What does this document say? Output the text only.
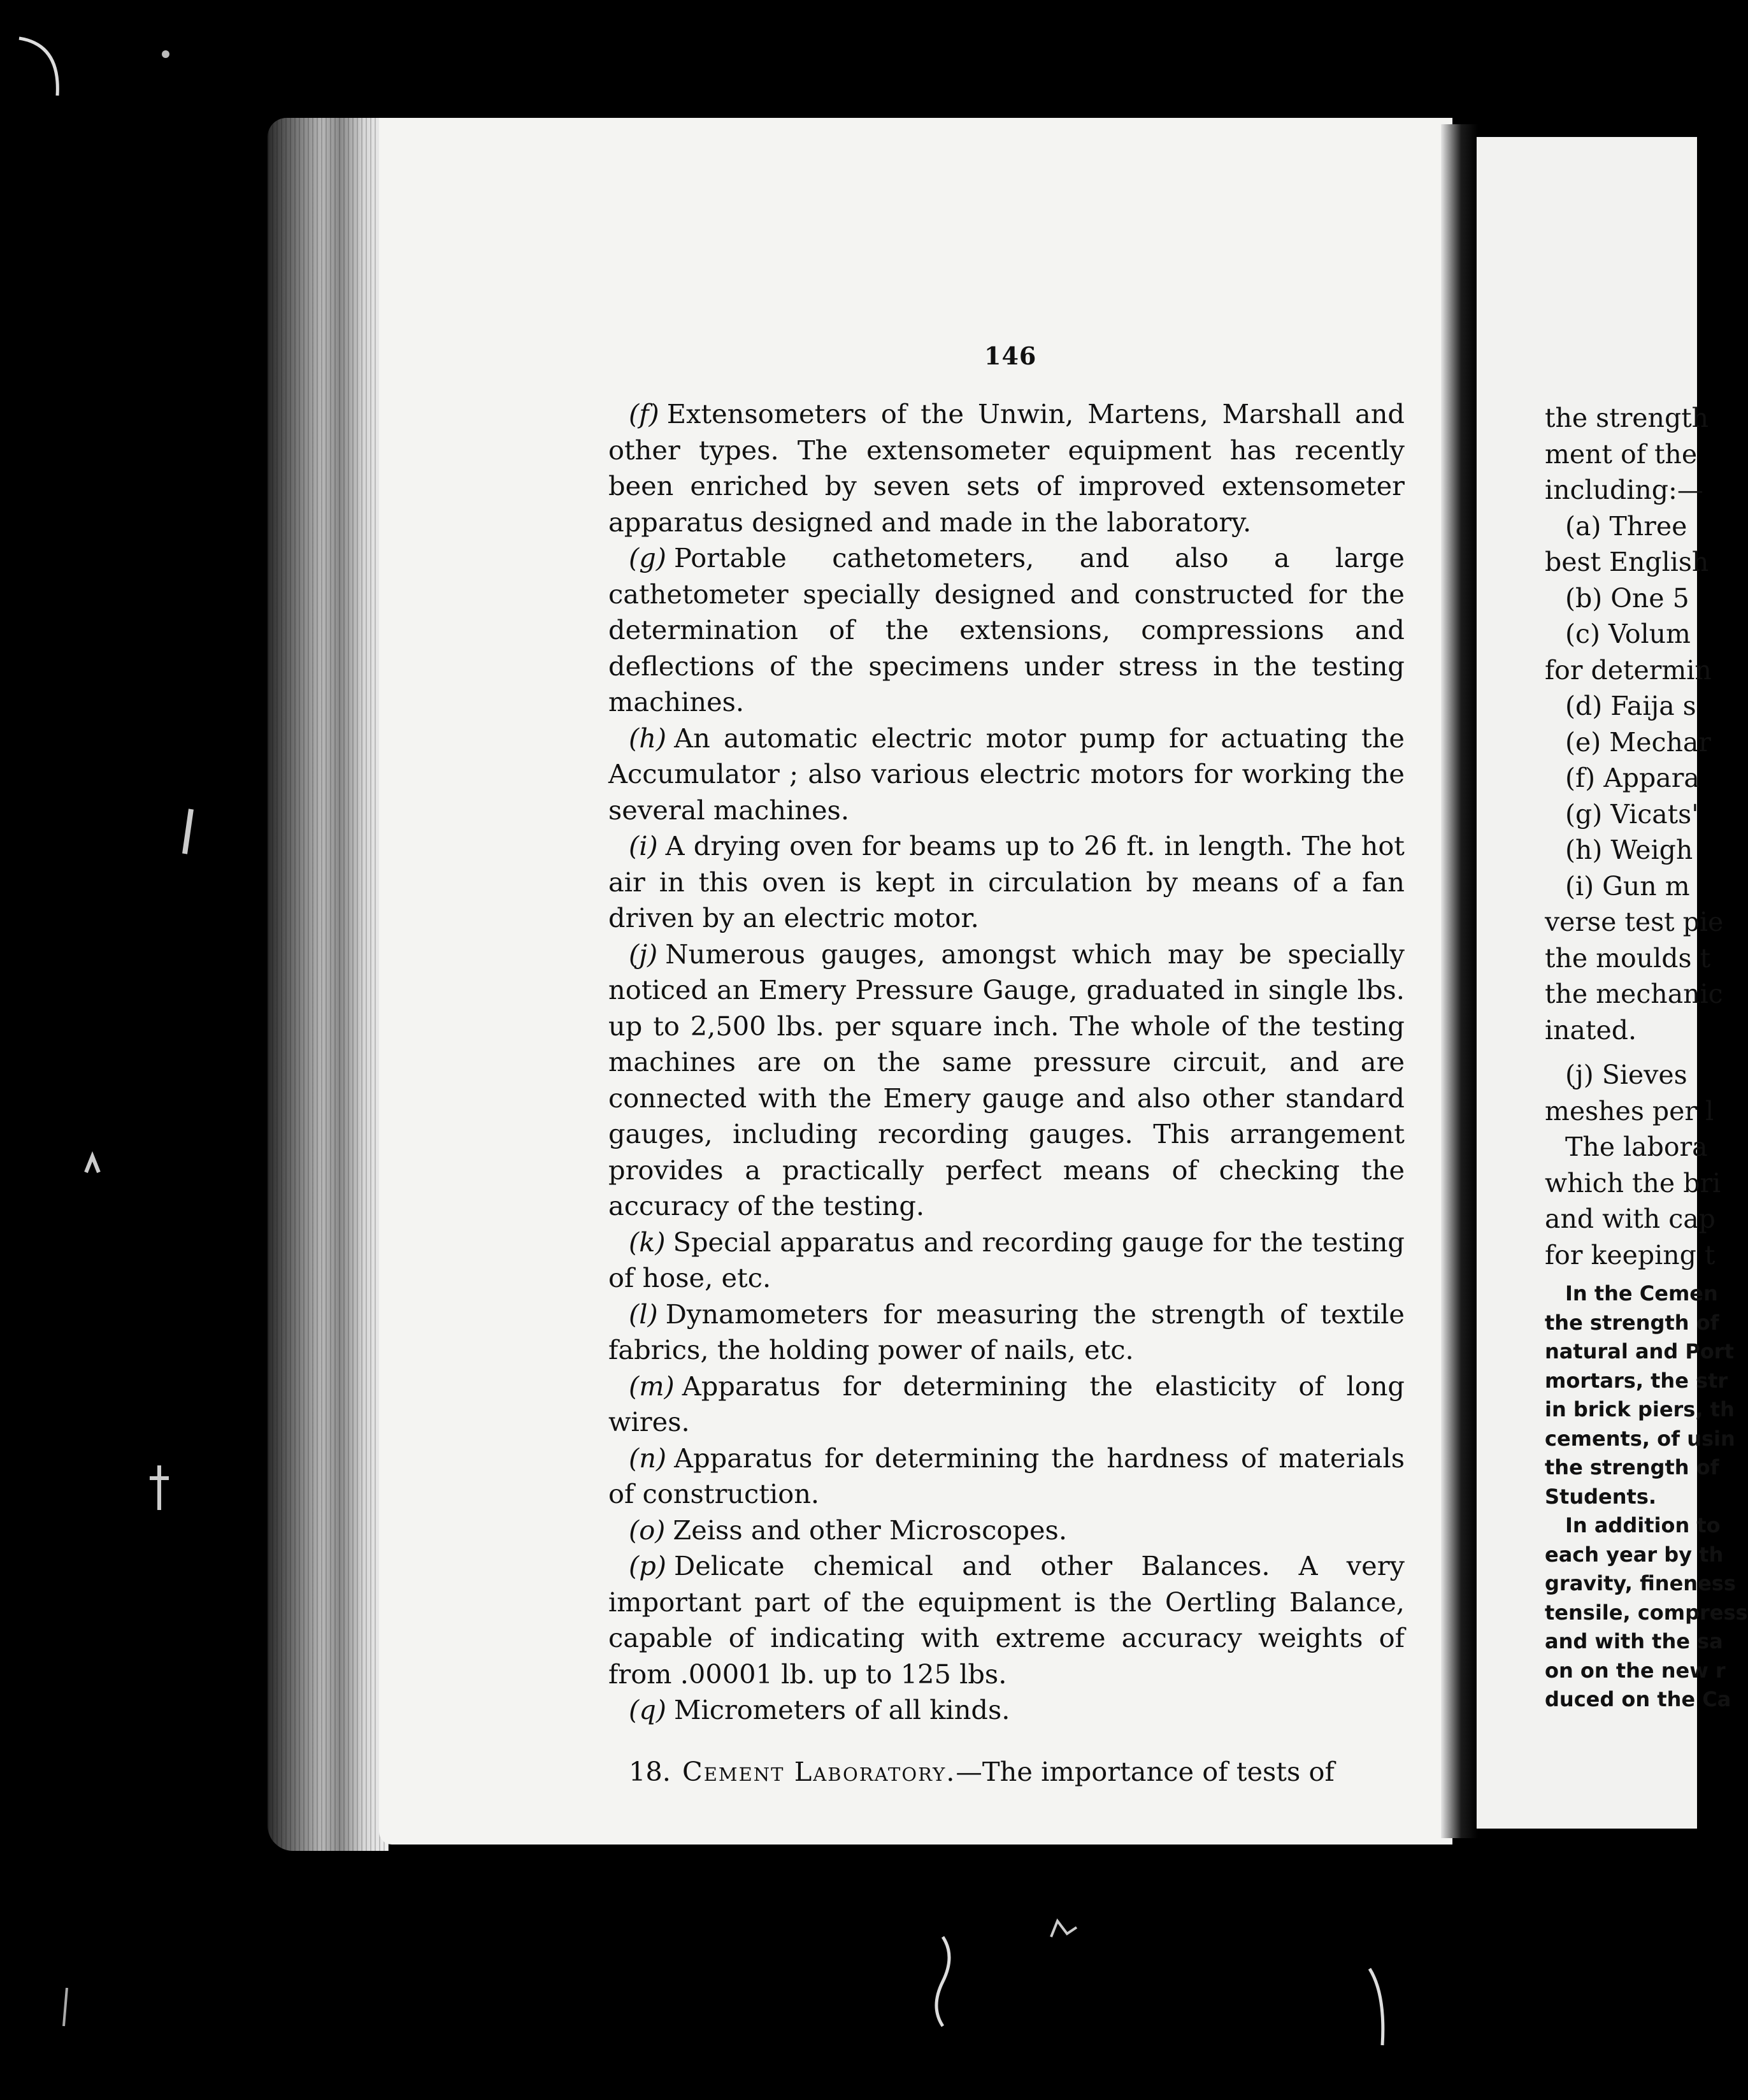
146

(f) Extensometers of the Unwin, Martens, Marshall and other types. The extensometer equipment has recently been enriched by seven sets of improved extensometer apparatus designed and made in the laboratory.

(g) Portable cathetometers, and also a large cathetometer specially designed and constructed for the determination of the extensions, compressions and deflections of the specimens under stress in the testing machines.

(h) An automatic electric motor pump for actuating the Accumulator ; also various electric motors for working the several machines.

(i) A drying oven for beams up to 26 ft. in length. The hot air in this oven is kept in circulation by means of a fan driven by an electric motor.

(j) Numerous gauges, amongst which may be specially noticed an Emery Pressure Gauge, graduated in single lbs. up to 2,500 lbs. per square inch. The whole of the testing machines are on the same pressure circuit, and are connected with the Emery gauge and also other standard gauges, including recording gauges. This arrangement provides a practically perfect means of checking the accuracy of the testing.

(k) Special apparatus and recording gauge for the testing of hose, etc.

(l) Dynamometers for measuring the strength of textile fabrics, the holding power of nails, etc.

(m) Apparatus for determining the elasticity of long wires.

(n) Apparatus for determining the hardness of materials of construction.

(o) Zeiss and other Microscopes.

(p) Delicate chemical and other Balances. A very important part of the equipment is the Oertling Balance, capable of indicating with extreme accuracy weights of from .00001 lb. up to 125 lbs.

(q) Micrometers of all kinds.

18. Cement Laboratory.—The importance of tests of

the strength
ment of the
including:—
(a) Three
best English
(b) One 5
(c) Volum
for determin
(d) Faija s
(e) Mechar
(f) Appara
(g) Vicats'
(h) Weigh
(i) Gun m
verse test pie
the moulds t
the mechanic
inated.
(j) Sieves
meshes per l
The labora
which the bri
and with cap
for keeping t
In the Cemen
the strength of
natural and Port
mortars, the str
in brick piers, th
cements, of usin
the strength of
Students.
In addition to
each year by th
gravity, fineness
tensile, compress
and with the sa
on on the new r
duced on the Ca
